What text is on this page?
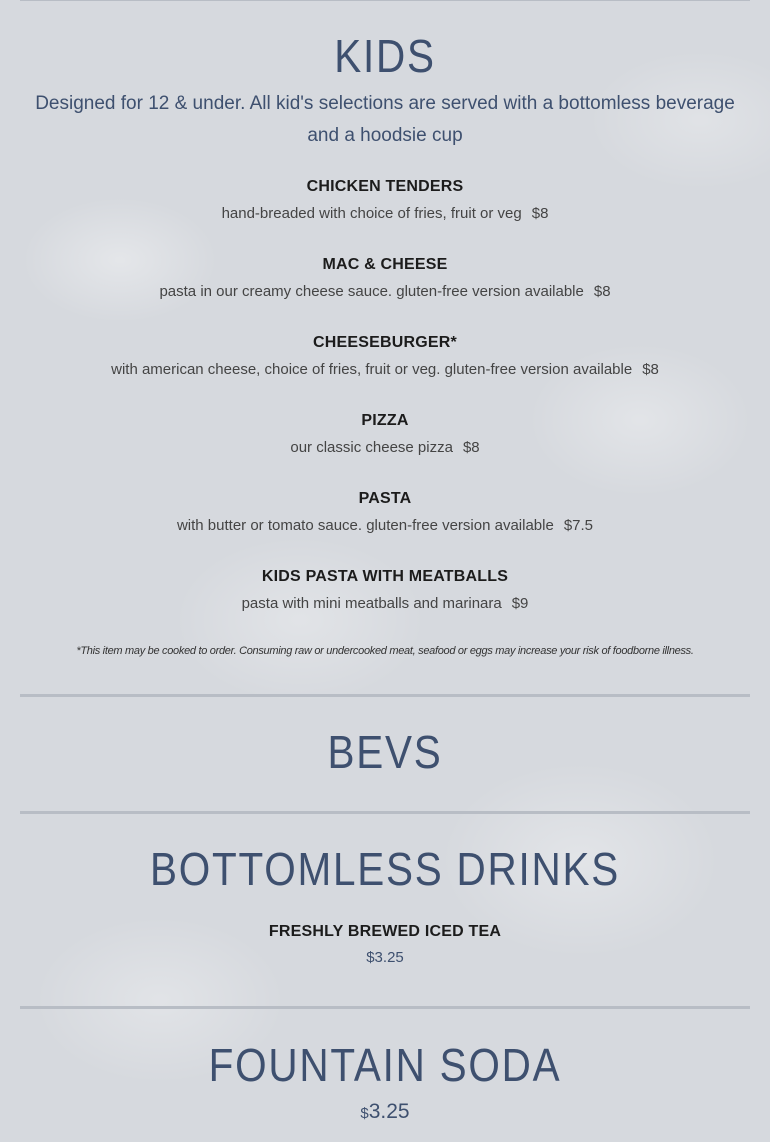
KIDS

Designed for 12 & under. All kid's selections are served with a bottomless beverage and a hoodsie cup

CHICKEN TENDERS
hand-breaded with choice of fries, fruit or veg $8
MAC & CHEESE
pasta in our creamy cheese sauce. gluten-free version available $8
CHEESEBURGER*
with american cheese, choice of fries, fruit or veg. gluten-free version available $8
PIZZA
our classic cheese pizza $8
PASTA
with butter or tomato sauce. gluten-free version available $7.5
KIDS PASTA WITH MEATBALLS
pasta with mini meatballs and marinara $9
*This item may be cooked to order. Consuming raw or undercooked meat, seafood or eggs may increase your risk of foodborne illness.
BEVS
BOTTOMLESS DRINKS
FRESHLY BREWED ICED TEA
$3.25
FOUNTAIN SODA
$3.25
